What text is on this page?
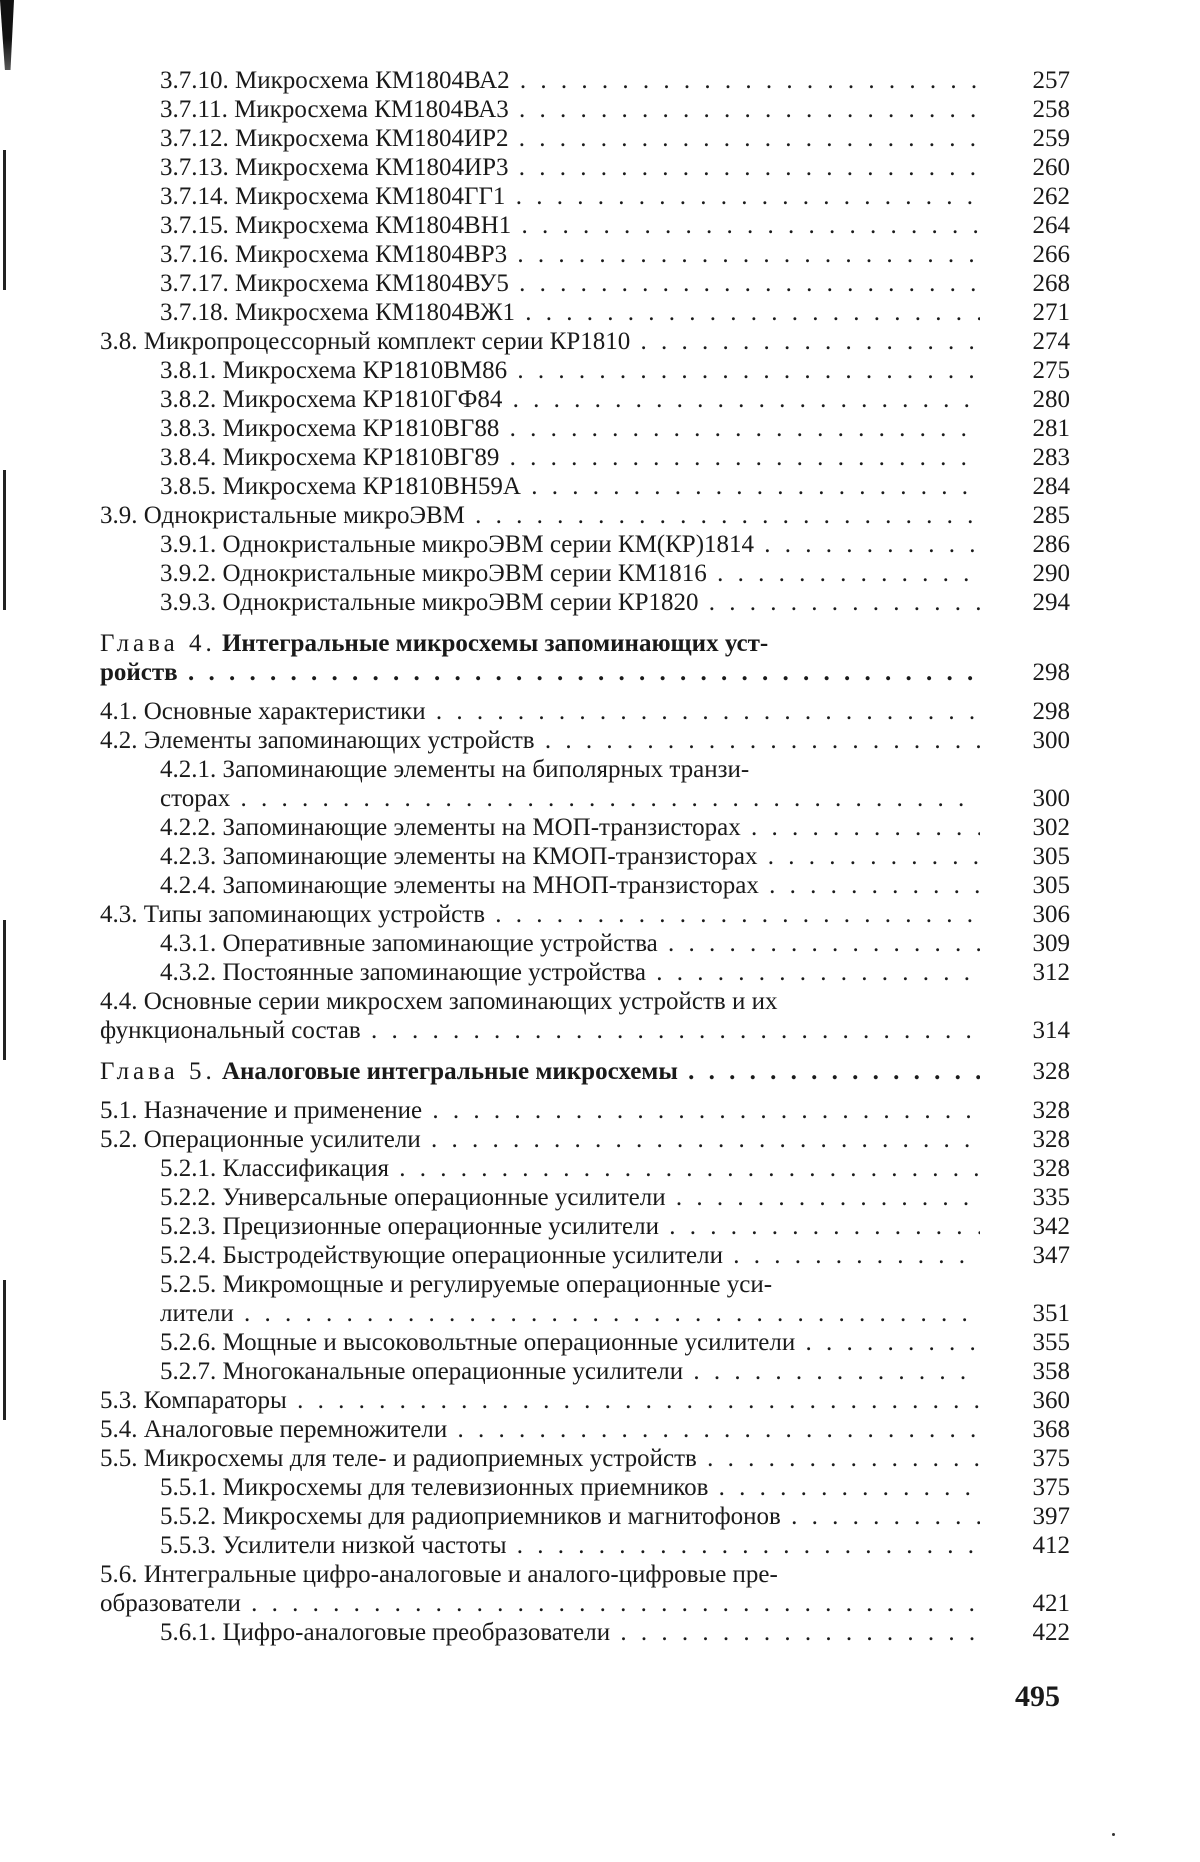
3.7.10. Микросхема КМ1804ВА2 . .	257
3.7.11. Микросхема КМ1804ВА3 . .	258
3.7.12. Микросхема КМ1804ИР2 . .	259
3.7.13. Микросхема КМ1804ИР3 . .	260
3.7.14. Микросхема КМ1804ГГ1 . .	262
3.7.15. Микросхема КМ1804ВН1 . .	264
3.7.16. Микросхема КМ1804ВР3 . .	266
3.7.17. Микросхема КМ1804ВУ5 . .	268
3.7.18. Микросхема КМ1804ВЖ1 . .	271
3.8. Микропроцессорный комплект серии КР1810 . .	274
3.8.1. Микросхема КР1810ВМ86 . .	275
3.8.2. Микросхема КР1810ГФ84 . .	280
3.8.3. Микросхема КР1810ВГ88 . .	281
3.8.4. Микросхема КР1810ВГ89 . .	283
3.8.5. Микросхема КР1810ВН59А . .	284
3.9. Однокристальные микроЭВМ . .	285
3.9.1. Однокристальные микроЭВМ серии КМ(КР)1814 . .	286
3.9.2. Однокристальные микроЭВМ серии КМ1816 . .	290
3.9.3. Однокристальные микроЭВМ серии КР1820 . .	294
Глава 4. Интегральные микросхемы запоминающих уст-
ройств . .	298
4.1. Основные характеристики . .	298
4.2. Элементы запоминающих устройств . .	300
4.2.1. Запоминающие элементы на биполярных транзи-
сторах . .	300
4.2.2. Запоминающие элементы на МОП-транзисторах . .	302
4.2.3. Запоминающие элементы на КМОП-транзисторах . .	305
4.2.4. Запоминающие элементы на МНОП-транзисторах . .	305
4.3. Типы запоминающих устройств . .	306
4.3.1. Оперативные запоминающие устройства . .	309
4.3.2. Постоянные запоминающие устройства . .	312
4.4. Основные серии микросхем запоминающих устройств и их
функциональный состав . .	314
Глава 5. Аналоговые интегральные микросхемы . .	328
5.1. Назначение и применение . .	328
5.2. Операционные усилители . .	328
5.2.1. Классификация . .	328
5.2.2. Универсальные операционные усилители . .	335
5.2.3. Прецизионные операционные усилители . .	342
5.2.4. Быстродействующие операционные усилители . .	347
5.2.5. Микромощные и регулируемые операционные уси-
лители . .	351
5.2.6. Мощные и высоковольтные операционные усилители . .	355
5.2.7. Многоканальные операционные усилители . .	358
5.3. Компараторы . .	360
5.4. Аналоговые перемножители . .	368
5.5. Микросхемы для теле- и радиоприемных устройств . .	375
5.5.1. Микросхемы для телевизионных приемников . .	375
5.5.2. Микросхемы для радиоприемников и магнитофонов . .	397
5.5.3. Усилители низкой частоты . .	412
5.6. Интегральные цифро-аналоговые и аналого-цифровые пре-
образователи . .	421
5.6.1. Цифро-аналоговые преобразователи . .	422
495
